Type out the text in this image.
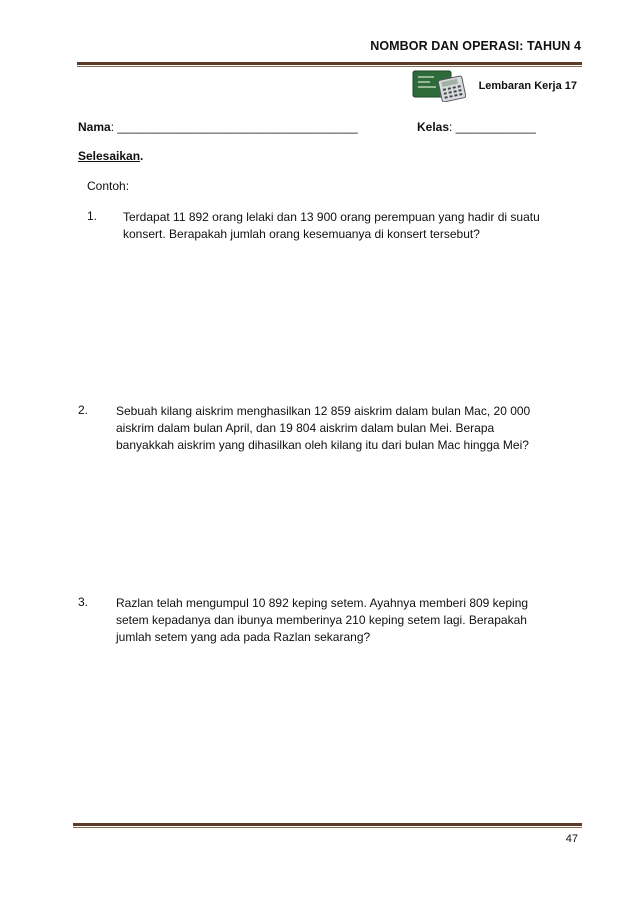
NOMBOR DAN OPERASI: TAHUN 4
Lembaran Kerja 17
Nama: ____________________________________	Kelas: ____________
Selesaikan.
Contoh:
1. Terdapat 11 892 orang lelaki dan 13 900 orang perempuan yang hadir di suatu
konsert. Berapakah jumlah orang kesemuanya di konsert tersebut?
2. Sebuah kilang aiskrim menghasilkan 12 859 aiskrim dalam bulan Mac, 20 000
aiskrim dalam bulan April, dan 19 804 aiskrim dalam bulan Mei. Berapa
banyakkah aiskrim yang dihasilkan oleh kilang itu dari bulan Mac hingga Mei?
3. Razlan telah mengumpul 10 892 keping setem. Ayahnya memberi 809 keping
setem kepadanya dan ibunya memberinya 210 keping setem lagi. Berapakah
jumlah setem yang ada pada Razlan sekarang?
47
